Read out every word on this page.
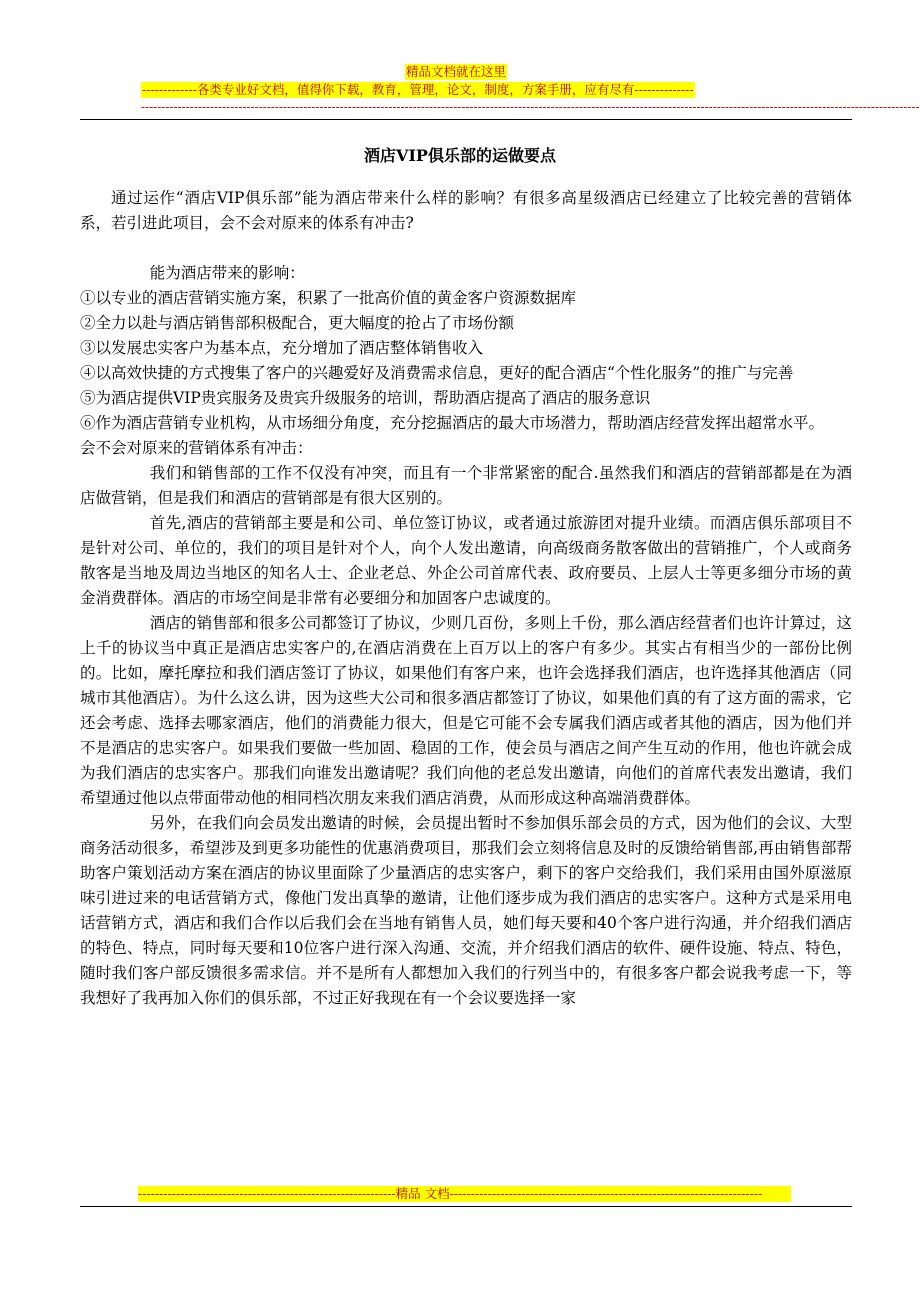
精品文档就在这里
-------------各类专业好文档，值得你下载，教育，管理，论文，制度，方案手册，应有尽有--------------
------------------------------------------------------------------------------------------------------------------------------------------------------------------------------------------------
酒店VIP俱乐部的运做要点

通过运作“酒店VIP俱乐部”能为酒店带来什么样的影响？有很多高星级酒店已经建立了比较完善的营销体系，若引进此项目，会不会对原来的体系有冲击?

能为酒店带来的影响：

①以专业的酒店营销实施方案，积累了一批高价值的黄金客户资源数据库

②全力以赴与酒店销售部积极配合，更大幅度的抢占了市场份额

③以发展忠实客户为基本点，充分增加了酒店整体销售收入

④以高效快捷的方式搜集了客户的兴趣爱好及消费需求信息，更好的配合酒店“个性化服务”的推广与完善

⑤为酒店提供VIP贵宾服务及贵宾升级服务的培训，帮助酒店提高了酒店的服务意识

⑥作为酒店营销专业机构，从市场细分角度，充分挖掘酒店的最大市场潜力，帮助酒店经营发挥出超常水平。

会不会对原来的营销体系有冲击：

我们和销售部的工作不仅没有冲突，而且有一个非常紧密的配合.虽然我们和酒店的营销部都是在为酒店做营销，但是我们和酒店的营销部是有很大区别的。

首先,酒店的营销部主要是和公司、单位签订协议，或者通过旅游团对提升业绩。而酒店俱乐部项目不是针对公司、单位的，我们的项目是针对个人，向个人发出邀请，向高级商务散客做出的营销推广，个人或商务散客是当地及周边当地区的知名人士、企业老总、外企公司首席代表、政府要员、上层人士等更多细分市场的黄金消费群体。酒店的市场空间是非常有必要细分和加固客户忠诚度的。

酒店的销售部和很多公司都签订了协议，少则几百份，多则上千份，那么酒店经营者们也许计算过，这上千的协议当中真正是酒店忠实客户的,在酒店消费在上百万以上的客户有多少。其实占有相当少的一部份比例的。比如，摩托摩拉和我们酒店签订了协议，如果他们有客户来，也许会选择我们酒店，也许选择其他酒店（同城市其他酒店）。为什么这么讲，因为这些大公司和很多酒店都签订了协议，如果他们真的有了这方面的需求，它还会考虑、选择去哪家酒店，他们的消费能力很大，但是它可能不会专属我们酒店或者其他的酒店，因为他们并不是酒店的忠实客户。如果我们要做一些加固、稳固的工作，使会员与酒店之间产生互动的作用，他也许就会成为我们酒店的忠实客户。那我们向谁发出邀请呢？我们向他的老总发出邀请，向他们的首席代表发出邀请，我们希望通过他以点带面带动他的相同档次朋友来我们酒店消费，从而形成这种高端消费群体。

另外，在我们向会员发出邀请的时候，会员提出暂时不参加俱乐部会员的方式，因为他们的会议、大型商务活动很多，希望涉及到更多功能性的优惠消费项目，那我们会立刻将信息及时的反馈给销售部,再由销售部帮助客户策划活动方案在酒店的协议里面除了少量酒店的忠实客户，剩下的客户交给我们，我们采用由国外原滋原味引进过来的电话营销方式，像他门发出真挚的邀请，让他们逐步成为我们酒店的忠实客户。这种方式是采用电话营销方式，酒店和我们合作以后我们会在当地有销售人员，她们每天要和40个客户进行沟通，并介绍我们酒店的特色、特点，同时每天要和10位客户进行深入沟通、交流，并介绍我们酒店的软件、硬件设施、特点、特色，随时我们客户部反馈很多需求信。并不是所有人都想加入我们的行列当中的，有很多客户都会说我考虑一下，等我想好了我再加入你们的俱乐部，不过正好我现在有一个会议要选择一家

-------------------------------------------------------------精品 文档--------------------------------------------------------------------------
